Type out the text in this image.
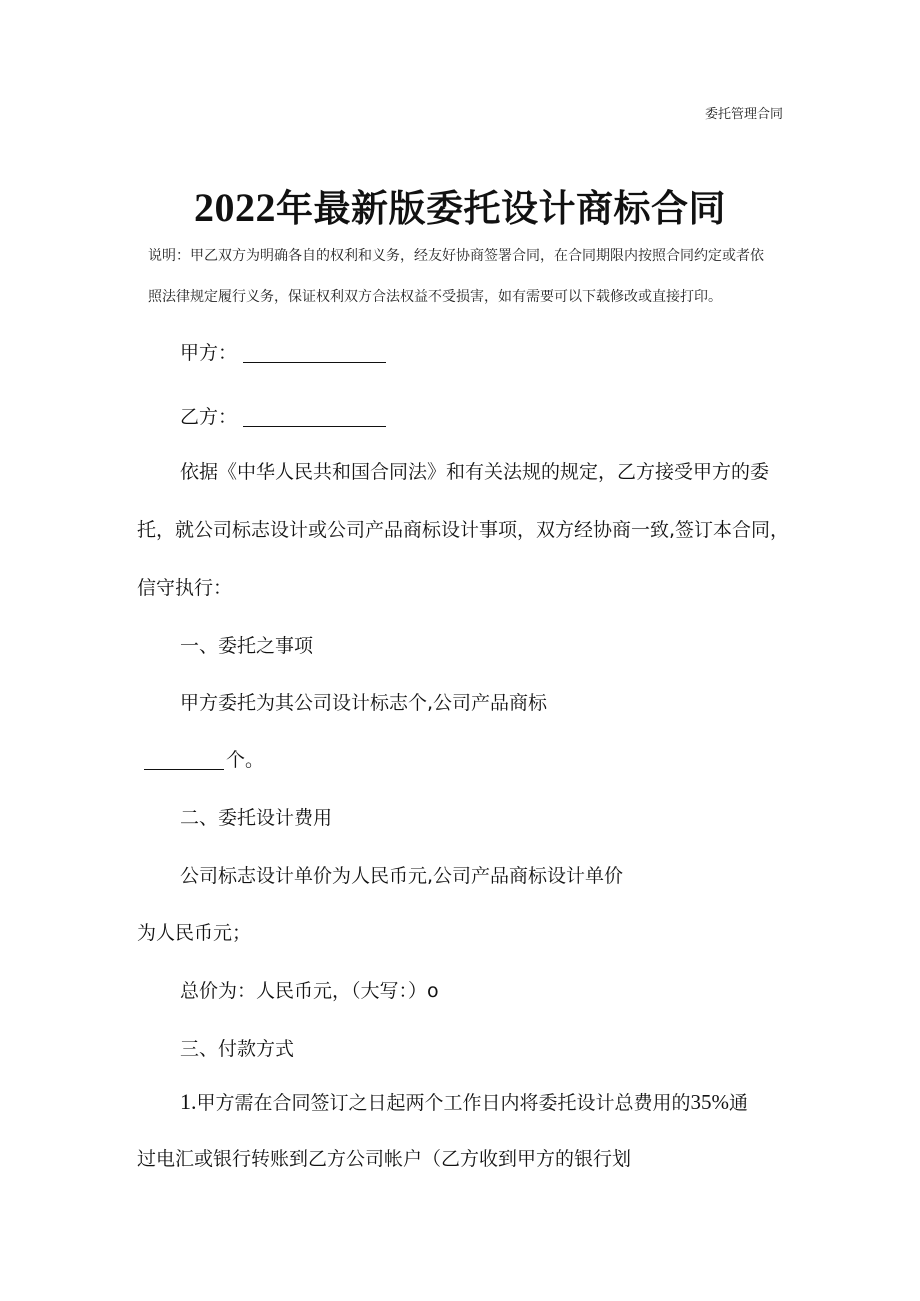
委托管理合同
2022年最新版委托设计商标合同
说明：甲乙双方为明确各自的权利和义务，经友好协商签署合同，在合同期限内按照合同约定或者依
照法律规定履行义务，保证权利双方合法权益不受损害，如有需要可以下载修改或直接打印。
甲方：
乙方：
依据《中华人民共和国合同法》和有关法规的规定，乙方接受甲方的委
托，就公司标志设计或公司产品商标设计事项，双方经协商一致,签订本合同，
信守执行：
一、委托之事项
甲方委托为其公司设计标志个,公司产品商标
个。
二、委托设计费用
公司标志设计单价为人民币元,公司产品商标设计单价
为人民币元；
总价为：人民币元，（大写：）o
三、付款方式
1.甲方需在合同签订之日起两个工作日内将委托设计总费用的35%通
过电汇或银行转账到乙方公司帐户（乙方收到甲方的银行划
